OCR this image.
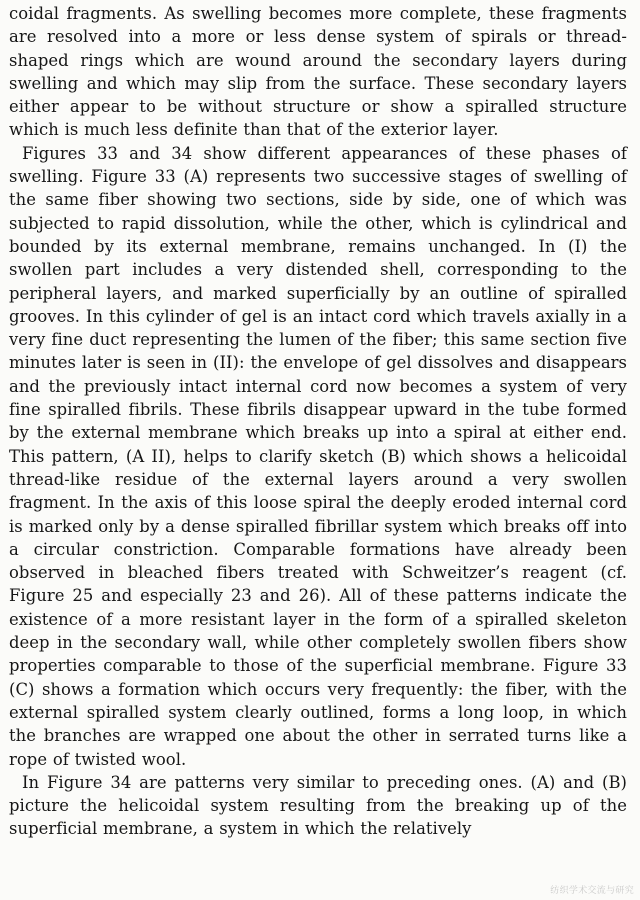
coidal fragments. As swelling becomes more complete, these fragments are resolved into a more or less dense system of spirals or thread-shaped rings which are wound around the secondary layers during swelling and which may slip from the surface. These secondary layers either appear to be without structure or show a spiralled structure which is much less definite than that of the exterior layer.

Figures 33 and 34 show different appearances of these phases of swelling. Figure 33 (A) represents two successive stages of swelling of the same fiber showing two sections, side by side, one of which was subjected to rapid dissolution, while the other, which is cylindrical and bounded by its external membrane, remains unchanged. In (I) the swollen part includes a very distended shell, corresponding to the peripheral layers, and marked superficially by an outline of spiralled grooves. In this cylinder of gel is an intact cord which travels axially in a very fine duct representing the lumen of the fiber; this same section five minutes later is seen in (II): the envelope of gel dissolves and disappears and the previously intact internal cord now becomes a system of very fine spiralled fibrils. These fibrils disappear upward in the tube formed by the external membrane which breaks up into a spiral at either end. This pattern, (A II), helps to clarify sketch (B) which shows a helicoidal thread-like residue of the external layers around a very swollen fragment. In the axis of this loose spiral the deeply eroded internal cord is marked only by a dense spiralled fibrillar system which breaks off into a circular constriction. Comparable formations have already been observed in bleached fibers treated with Schweitzer’s reagent (cf. Figure 25 and especially 23 and 26). All of these patterns indicate the existence of a more resistant layer in the form of a spiralled skeleton deep in the secondary wall, while other completely swollen fibers show properties comparable to those of the superficial membrane. Figure 33 (C) shows a formation which occurs very frequently: the fiber, with the external spiralled system clearly outlined, forms a long loop, in which the branches are wrapped one about the other in serrated turns like a rope of twisted wool.

In Figure 34 are patterns very similar to preceding ones. (A) and (B) picture the helicoidal system resulting from the breaking up of the superficial membrane, a system in which the relatively

纺织学术交流与研究
